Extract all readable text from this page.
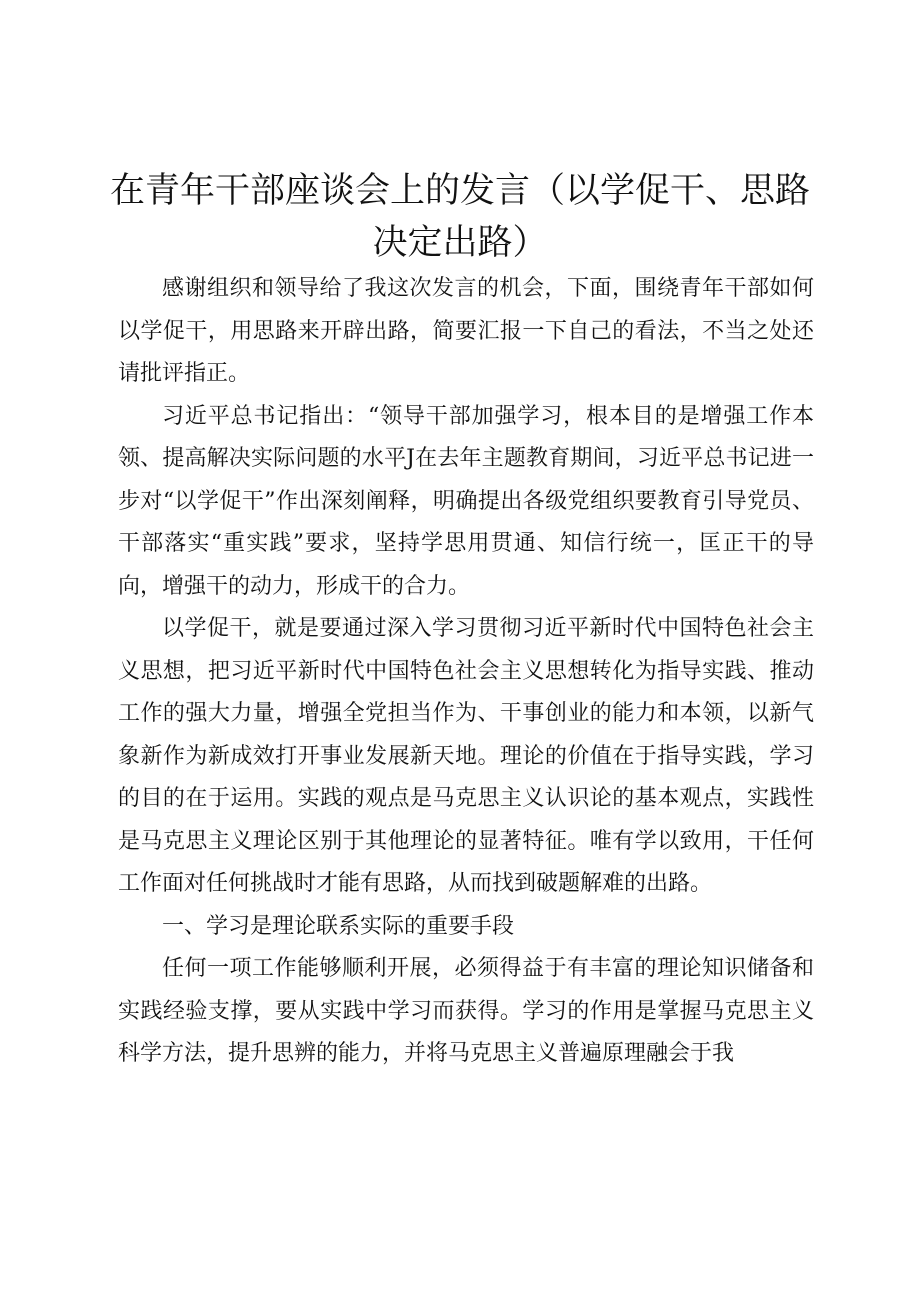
在青年干部座谈会上的发言（以学促干、思路决定出路）

感谢组织和领导给了我这次发言的机会，下面，围绕青年干部如何以学促干，用思路来开辟出路，简要汇报一下自己的看法，不当之处还请批评指正。

习近平总书记指出：“领导干部加强学习，根本目的是增强工作本领、提高解决实际问题的水平J在去年主题教育期间，习近平总书记进一步对“以学促干”作出深刻阐释，明确提出各级党组织要教育引导党员、干部落实“重实践”要求，坚持学思用贯通、知信行统一，匡正干的导向，增强干的动力，形成干的合力。

以学促干，就是要通过深入学习贯彻习近平新时代中国特色社会主义思想，把习近平新时代中国特色社会主义思想转化为指导实践、推动工作的强大力量，增强全党担当作为、干事创业的能力和本领，以新气象新作为新成效打开事业发展新天地。理论的价值在于指导实践，学习的目的在于运用。实践的观点是马克思主义认识论的基本观点，实践性是马克思主义理论区别于其他理论的显著特征。唯有学以致用，干任何工作面对任何挑战时才能有思路，从而找到破题解难的出路。

一、学习是理论联系实际的重要手段

任何一项工作能够顺利开展，必须得益于有丰富的理论知识储备和实践经验支撑，要从实践中学习而获得。学习的作用是掌握马克思主义科学方法，提升思辨的能力，并将马克思主义普遍原理融会于我
